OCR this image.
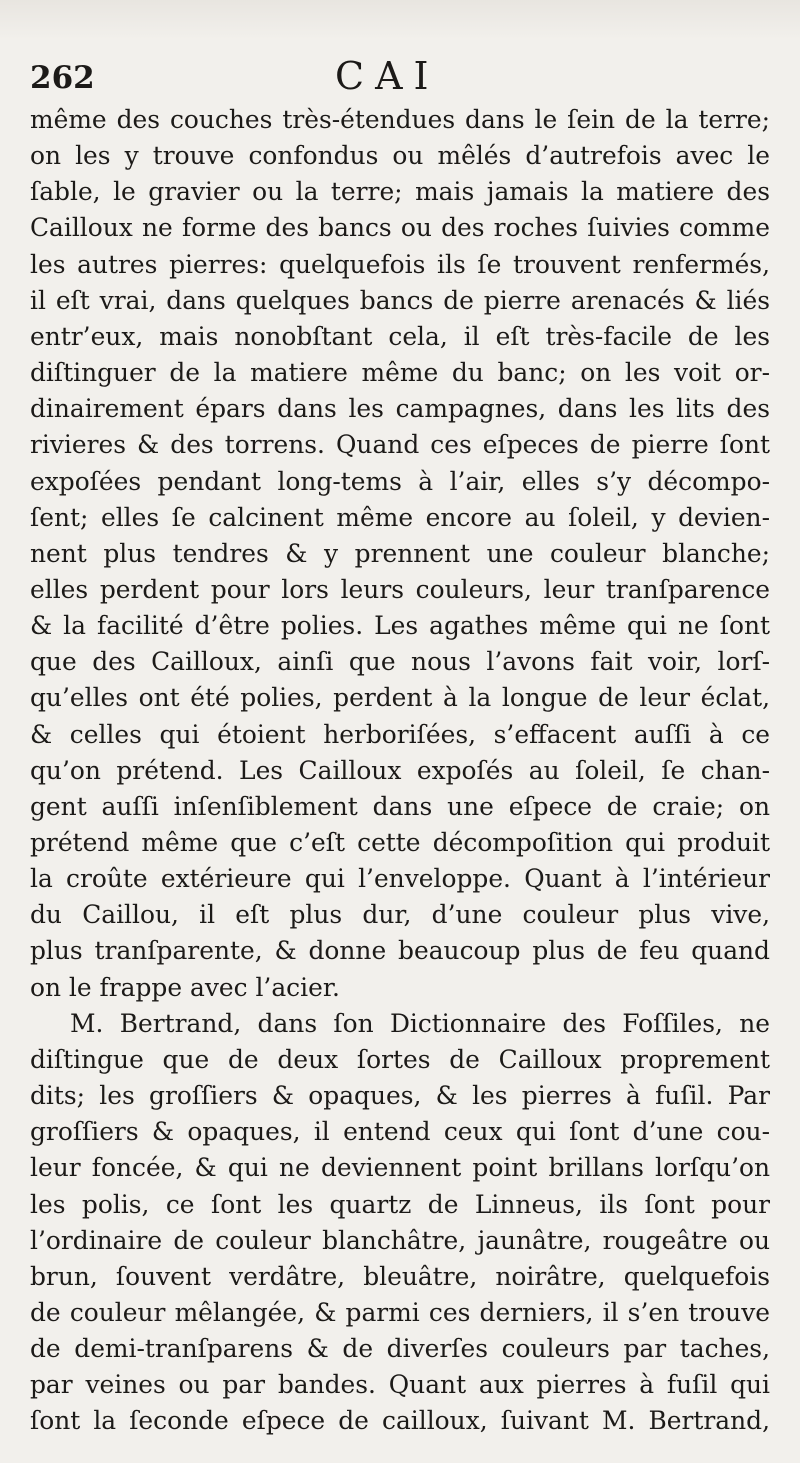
262	CAI
même des couches très-étendues dans le ſein de la terre;
on les y trouve confondus ou mêlés d’autrefois avec le
ſable, le gravier ou la terre; mais jamais la matiere des
Cailloux ne forme des bancs ou des roches ſuivies comme
les autres pierres: quelquefois ils ſe trouvent renfermés,
il eſt vrai, dans quelques bancs de pierre arenacés & liés
entr’eux, mais nonobſtant cela, il eſt très-facile de les
diſtinguer de la matiere même du banc; on les voit or-
dinairement épars dans les campagnes, dans les lits des
rivieres & des torrens. Quand ces eſpeces de pierre ſont
expoſées pendant long-tems à l’air, elles s’y décompo-
ſent; elles ſe calcinent même encore au ſoleil, y devien-
nent plus tendres & y prennent une couleur blanche;
elles perdent pour lors leurs couleurs, leur tranſparence
& la facilité d’être polies. Les agathes même qui ne ſont
que des Cailloux, ainſi que nous l’avons fait voir, lorſ-
qu’elles ont été polies, perdent à la longue de leur éclat,
& celles qui étoient herboriſées, s’effacent auſſi à ce
qu’on prétend. Les Cailloux expoſés au ſoleil, ſe chan-
gent auſſi inſenſiblement dans une eſpece de craie; on
prétend même que c’eſt cette décompoſition qui produit
la croûte extérieure qui l’enveloppe. Quant à l’intérieur
du Caillou, il eſt plus dur, d’une couleur plus vive,
plus tranſparente, & donne beaucoup plus de feu quand
on le frappe avec l’acier.
M. Bertrand, dans ſon Dictionnaire des Foſſiles, ne
diſtingue que de deux ſortes de Cailloux proprement
dits; les groſſiers & opaques, & les pierres à fuſil. Par
groſſiers & opaques, il entend ceux qui ſont d’une cou-
leur foncée, & qui ne deviennent point brillans lorſqu’on
les polis, ce ſont les quartz de Linneus, ils ſont pour
l’ordinaire de couleur blanchâtre, jaunâtre, rougeâtre ou
brun, ſouvent verdâtre, bleuâtre, noirâtre, quelquefois
de couleur mêlangée, & parmi ces derniers, il s’en trouve
de demi-tranſparens & de diverſes couleurs par taches,
par veines ou par bandes. Quant aux pierres à fuſil qui
ſont la ſeconde eſpece de cailloux, ſuivant M. Bertrand,
